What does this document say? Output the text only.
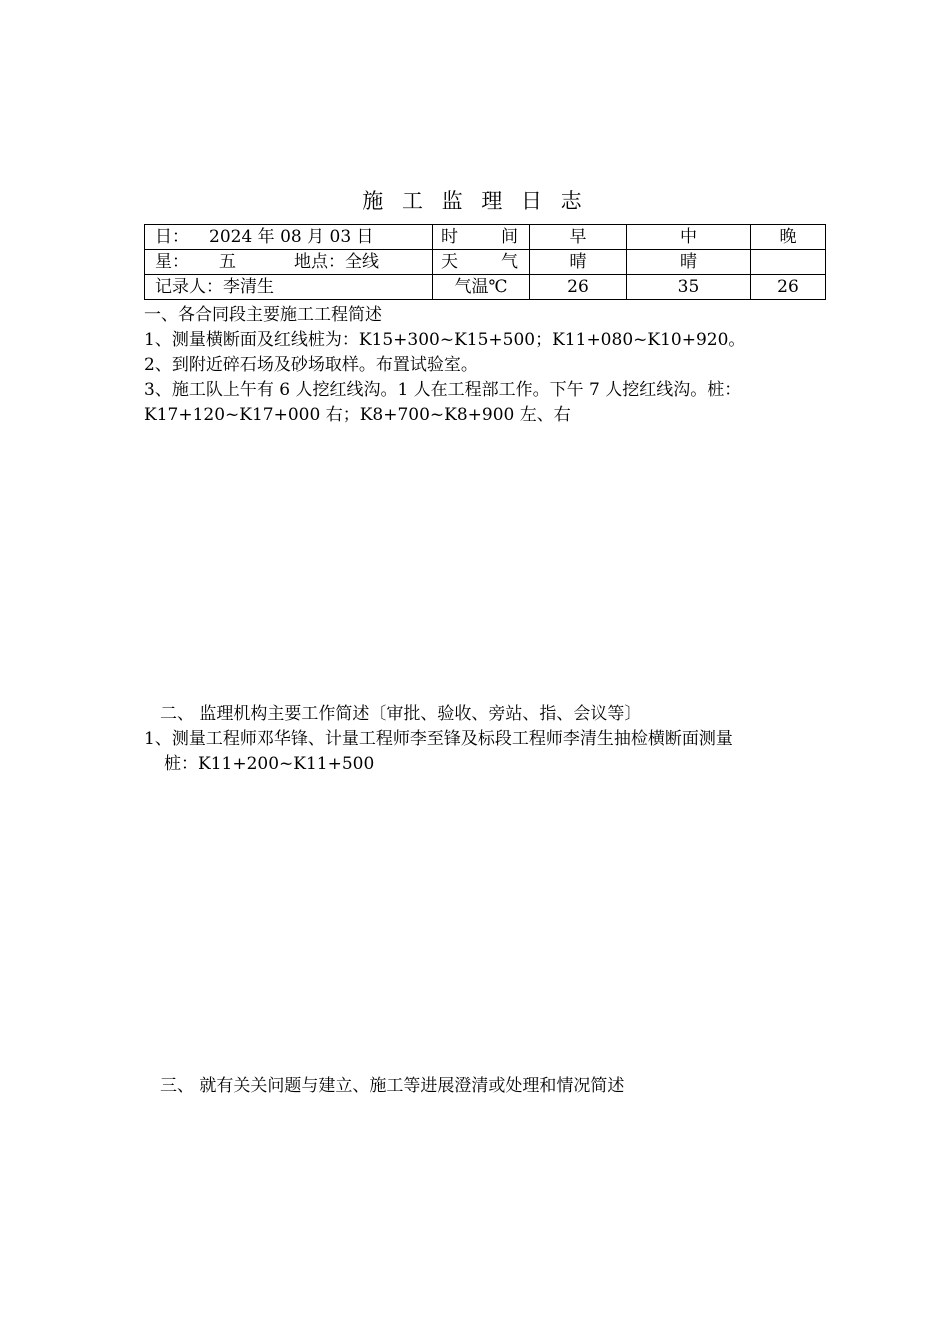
施 工 监 理 日 志
日： 2024 年 08 月 03 日	时 间	早	中	晚
星： 五 地点：全线	天 气	晴	晴	
记录人：李清生	气温℃	26	35	26
一、各合同段主要施工工程简述
1、测量横断面及红线桩为：K15+300~K15+500；K11+080~K10+920。
2、到附近碎石场及砂场取样。布置试验室。
3、施工队上午有 6 人挖红线沟。1 人在工程部工作。下午 7 人挖红线沟。桩：
K17+120~K17+000 右；K8+700~K8+900 左、右
二、 监理机构主要工作简述〔审批、验收、旁站、指、会议等〕
1、测量工程师邓华锋、计量工程师李至锋及标段工程师李清生抽检横断面测量
桩：K11+200~K11+500
三、 就有关关问题与建立、施工等进展澄清或处理和情况简述
